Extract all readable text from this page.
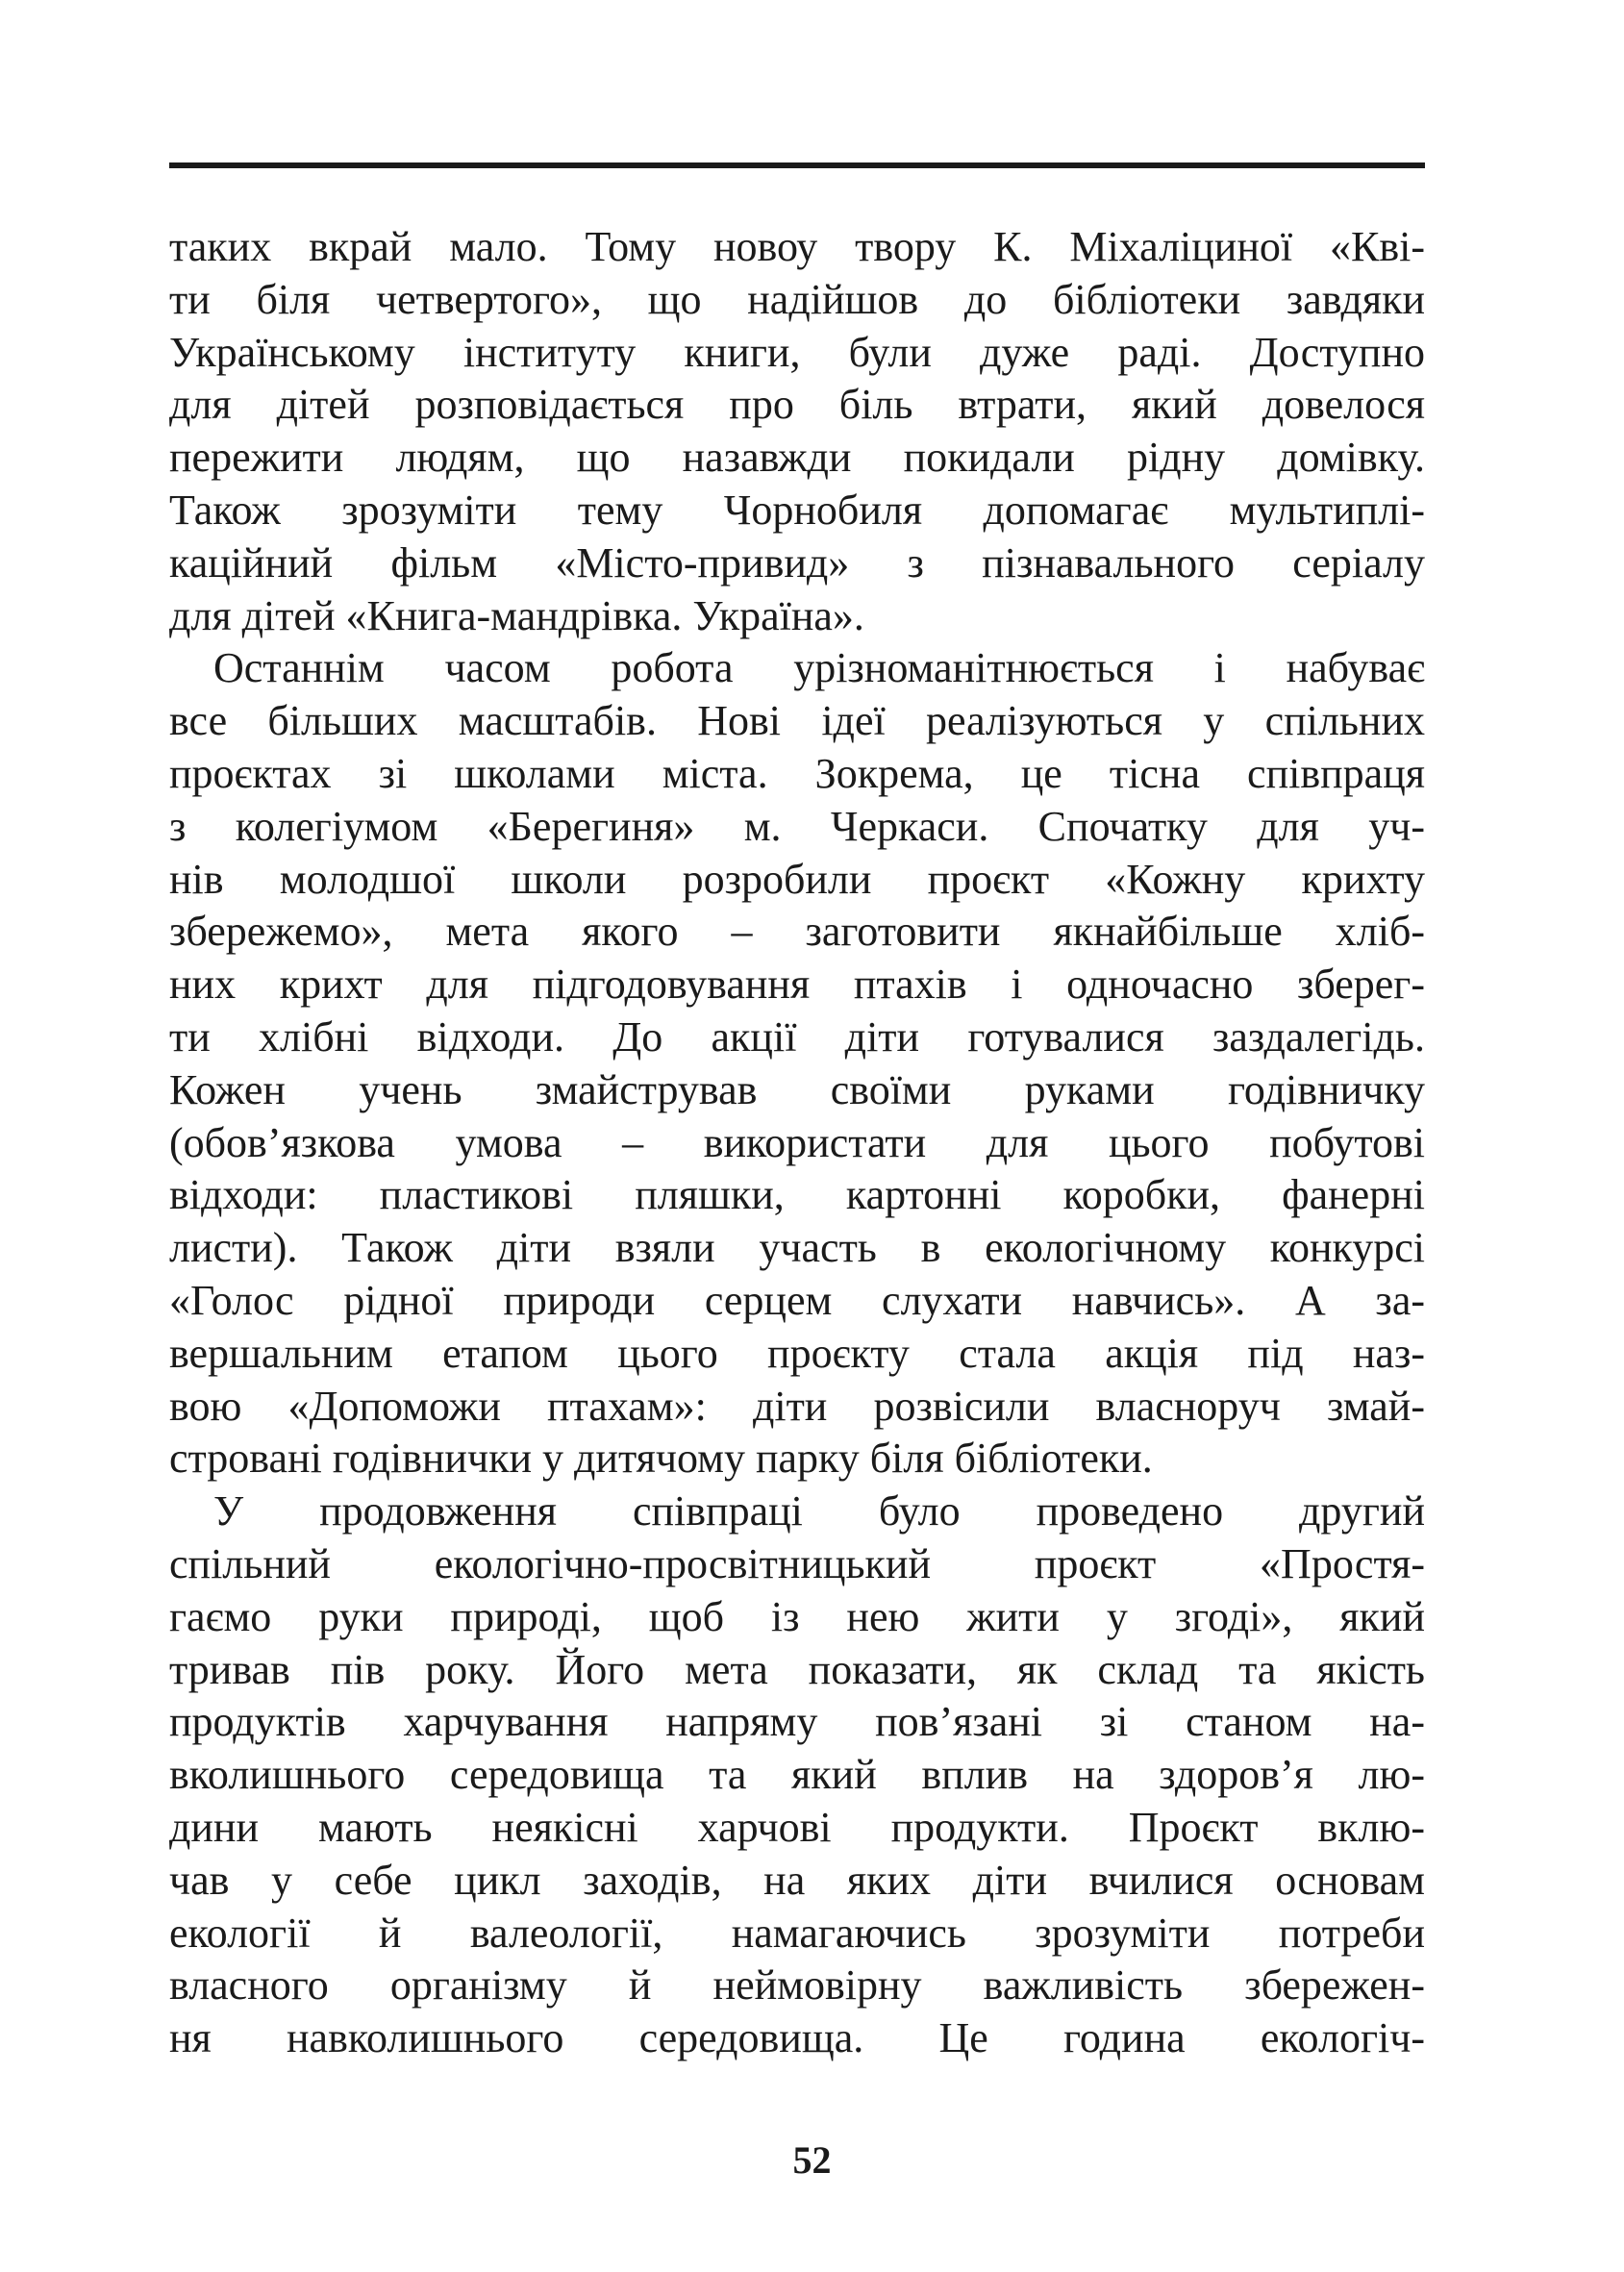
таких вкрай мало. Тому новоу твору К. Міхаліциної «Кві-
ти біля четвертого», що надійшов до бібліотеки завдяки
Українському інституту книги, були дуже раді. Доступно
для дітей розповідається про біль втрати, який довелося
пережити людям, що назавжди покидали рідну домівку.
Також зрозуміти тему Чорнобиля допомагає мультиплі-
каційний фільм «Місто-привид» з пізнавального серіалу
для дітей «Книга-мандрівка. Україна».
Останнім часом робота урізноманітнюється і набуває
все більших масштабів. Нові ідеї реалізуються у спільних
проєктах зі школами міста. Зокрема, це тісна співпраця
з колегіумом «Берегиня» м. Черкаси. Спочатку для уч-
нів молодшої школи розробили проєкт «Кожну крихту
збережемо», мета якого – заготовити якнайбільше хліб-
них крихт для підгодовування птахів і одночасно зберег-
ти хлібні відходи. До акції діти готувалися заздалегідь.
Кожен учень змайстрував своїми руками годівничку
(обов’язкова умова – використати для цього побутові
відходи: пластикові пляшки, картонні коробки, фанерні
листи). Також діти взяли участь в екологічному конкурсі
«Голос рідної природи серцем слухати навчись». А за-
вершальним етапом цього проєкту стала акція під наз-
вою «Допоможи птахам»: діти розвісили власноруч змай-
стровані годівнички у дитячому парку біля бібліотеки.
У продовження співпраці було проведено другий
спільний екологічно-просвітницький проєкт «Простя-
гаємо руки природі, щоб із нею жити у згоді», який
тривав пів року. Його мета показати, як склад та якість
продуктів харчування напряму пов’язані зі станом на-
вколишнього середовища та який вплив на здоров’я лю-
дини мають неякісні харчові продукти. Проєкт вклю-
чав у себе цикл заходів, на яких діти вчилися основам
екології й валеології, намагаючись зрозуміти потреби
власного організму й неймовірну важливість збережен-
ня навколишнього середовища. Це година екологіч-
52
